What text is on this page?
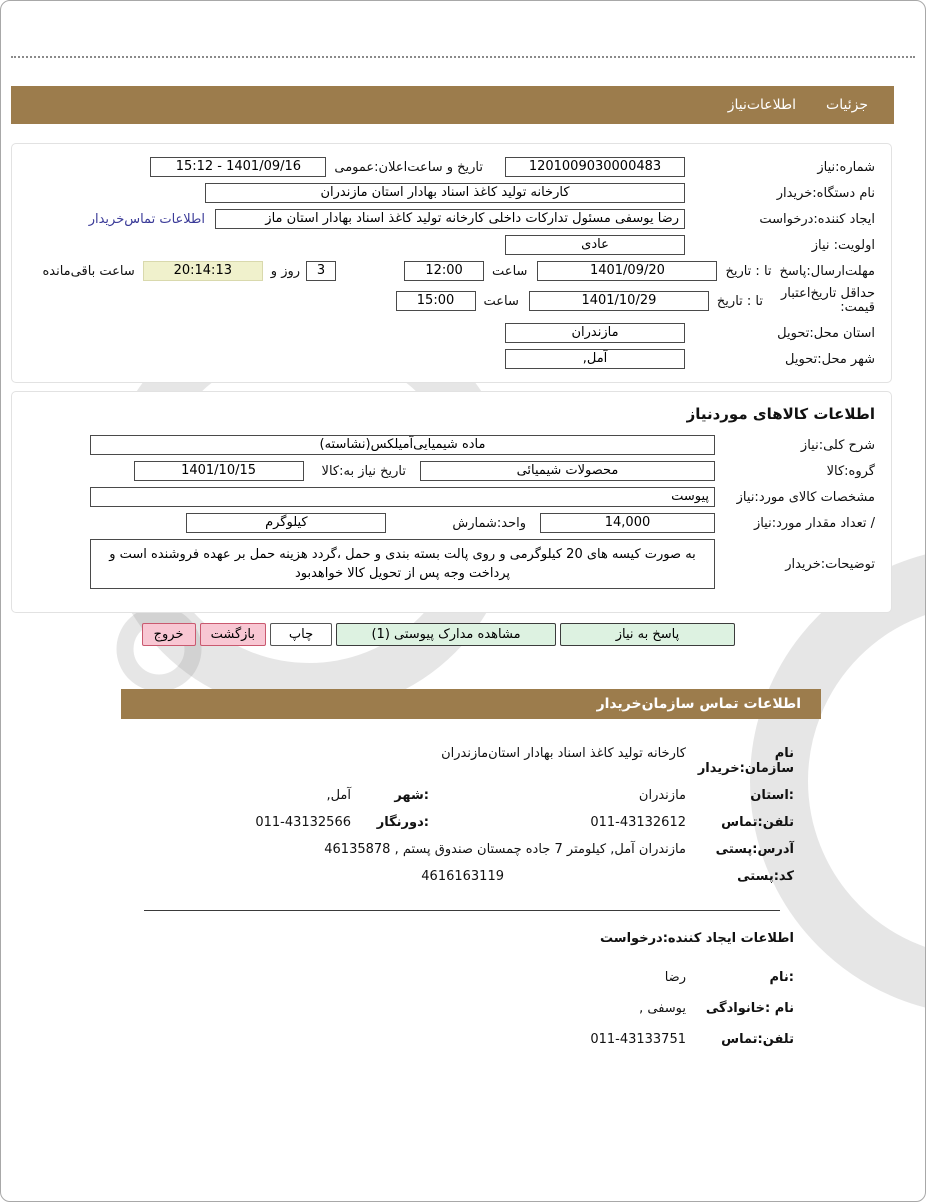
جزئیات
اطلاعات‌نیاز
شماره:نیاز
1201009030000483
تاریخ و ساعت‌اعلان:عمومی
15:12 - 1401/09/16
نام دستگاه:خریدار
کارخانه تولید کاغذ اسناد بهادار استان مازندران
ایجاد کننده:درخواست
رضا یوسفی مسئول تدارکات داخلی کارخانه تولید کاغذ اسناد بهادار استان ماز
اطلاعات تماس‌خریدار
اولویت: نیاز
عادی
مهلت‌ارسال:پاسخ
تا : تاریخ
1401/09/20
ساعت
12:00
3
روز و
20:14:13
ساعت باقی‌مانده
حداقل تاریخ‌اعتبار
قیمت:
تا : تاریخ
1401/10/29
ساعت
15:00
استان محل:تحویل
مازندران
شهر محل:تحویل
آمل,
اطلاعات کالاهای موردنیاز
شرح کلی:نیاز
ماده شیمیایی‌آمیلکس(نشاسته)
گروه:کالا
محصولات شیمیائی
تاریخ نیاز به:کالا
1401/10/15
مشخصات کالای مورد:نیاز
پیوست
/ تعداد مقدار مورد:نیاز
14,000
واحد:شمارش
کیلوگرم
توضیحات:خریدار
به صورت کیسه های 20 کیلوگرمی و روی پالت بسته بندی و حمل ،گردد هزینه حمل بر عهده فروشنده است و پرداخت وجه پس از تحویل کالا خواهدبود
پاسخ به نیاز
مشاهده مدارک پیوستی (1)
چاپ
بازگشت
خروج
اطلاعات تماس سازمان‌خریدار
نام سازمان:خریدار
کارخانه تولید کاغذ اسناد بهادار استان‌مازندران
:استان
مازندران
:شهر
آمل,
تلفن:تماس
011-43132612
:دورنگار
011-43132566
آدرس:پستی
مازندران آمل, کیلومتر 7 جاده چمستان صندوق پستم , 46135878
کد:پستی
4616163119
اطلاعات ایجاد کننده:درخواست
:نام
رضا
نام :خانوادگی
یوسفی ,
تلفن:تماس
011-43133751
